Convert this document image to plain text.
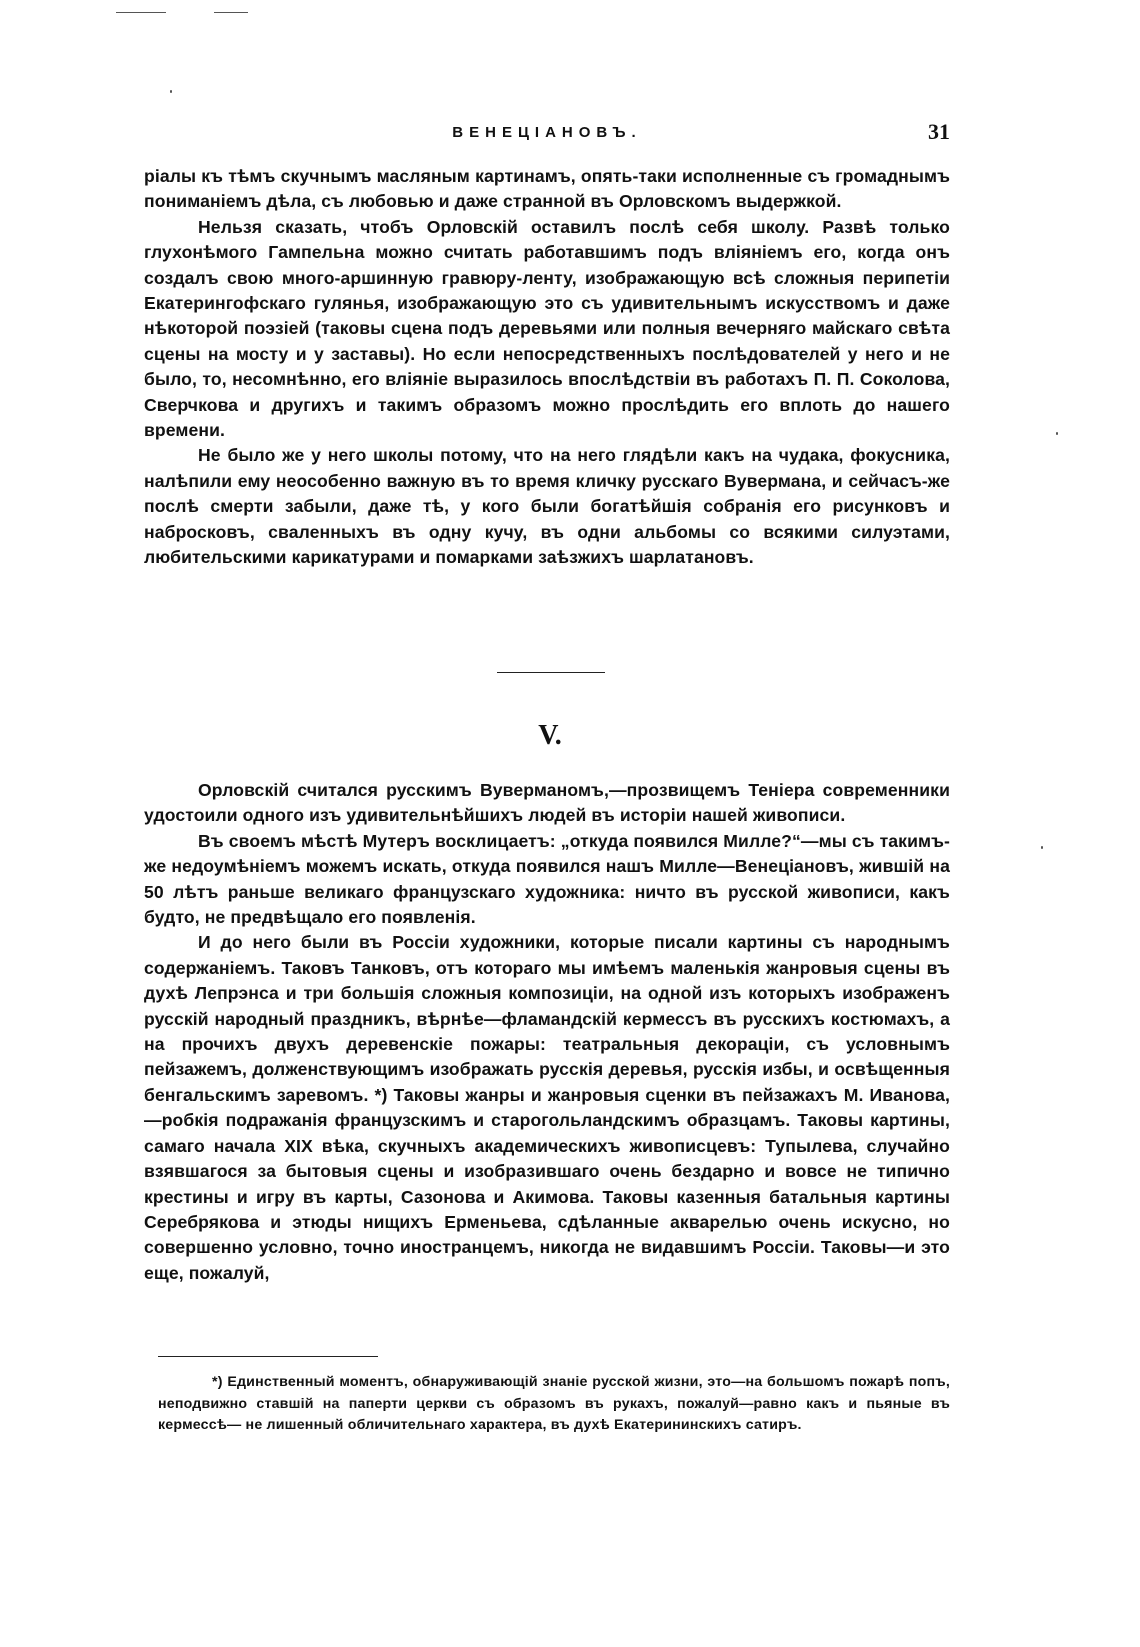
ВЕНЕЦІАНОВЪ.	31

ріалы къ тѣмъ скучнымъ масляным картинамъ, опять-таки исполненные съ громаднымъ пониманіемъ дѣла, съ любовью и даже странной въ Орловскомъ выдержкой.

Нельзя сказать, чтобъ Орловскій оставилъ послѣ себя школу. Развѣ только глухонѣмого Гампельна можно считать работавшимъ подъ вліяніемъ его, когда онъ создалъ свою много-аршинную гравюру-ленту, изображающую всѣ сложныя перипетіи Екатерингофскаго гулянья, изображающую это съ удивительнымъ искусствомъ и даже нѣкоторой поэзіей (таковы сцена подъ деревьями или полныя вечерняго майскаго свѣта сцены на мосту и у заставы). Но если непосредственныхъ послѣдователей у него и не было, то, несомнѣнно, его вліяніе выразилось впослѣдствіи въ работахъ П. П. Соколова, Сверчкова и другихъ и такимъ образомъ можно прослѣдить его вплоть до нашего времени.

Не было же у него школы потому, что на него глядѣли какъ на чудака, фокусника, налѣпили ему неособенно важную въ то время кличку русскаго Вувермана, и сейчасъ-же послѣ смерти забыли, даже тѣ, у кого были богатѣйшія собранія его рисунковъ и набросковъ, сваленныхъ въ одну кучу, въ одни альбомы со всякими силуэтами, любительскими карикатурами и помарками заѣзжихъ шарлатановъ.

V.

Орловскій считался русскимъ Вуверманомъ,—прозвищемъ Теніера современники удостоили одного изъ удивительнѣйшихъ людей въ исторіи нашей живописи.

Въ своемъ мѣстѣ Мутеръ восклицаетъ: „откуда появился Милле?“—мы съ такимъ-же недоумѣніемъ можемъ искать, откуда появился нашъ Милле—Венеціановъ, жившій на 50 лѣтъ раньше великаго французскаго художника: ничто въ русской живописи, какъ будто, не предвѣщало его появленія.

И до него были въ Россіи художники, которые писали картины съ народнымъ содержаніемъ. Таковъ Танковъ, отъ котораго мы имѣемъ маленькія жанровыя сцены въ духѣ Лепрэнса и три большія сложныя композиціи, на одной изъ которыхъ изображенъ русскій народный праздникъ, вѣрнѣе—фламандскій кермессъ въ русскихъ костюмахъ, а на прочихъ двухъ деревенскіе пожары: театральныя декораціи, съ условнымъ пейзажемъ, долженствующимъ изображать русскія деревья, русскія избы, и освѣщенныя бенгальскимъ заревомъ. *) Таковы жанры и жанровыя сценки въ пейзажахъ М. Иванова,—робкія подражанія французскимъ и старогольландскимъ образцамъ. Таковы картины, самаго начала XIX вѣка, скучныхъ академическихъ живописцевъ: Тупылева, случайно взявшагося за бытовыя сцены и изобразившаго очень бездарно и вовсе не типично крестины и игру въ карты, Сазонова и Акимова. Таковы казенныя батальныя картины Серебрякова и этюды нищихъ Ерменьева, сдѣланные акварелью очень искусно, но совершенно условно, точно иностранцемъ, никогда не видавшимъ Россіи. Таковы—и это еще, пожалуй,

*) Единственный моментъ, обнаруживающій знаніе русской жизни, это—на большомъ пожарѣ попъ, неподвижно ставшій на паперти церкви съ образомъ въ рукахъ, пожалуй—равно какъ и пьяные въ кермессѣ— не лишенный обличительнаго характера, въ духѣ Екатерининскихъ сатиръ.
